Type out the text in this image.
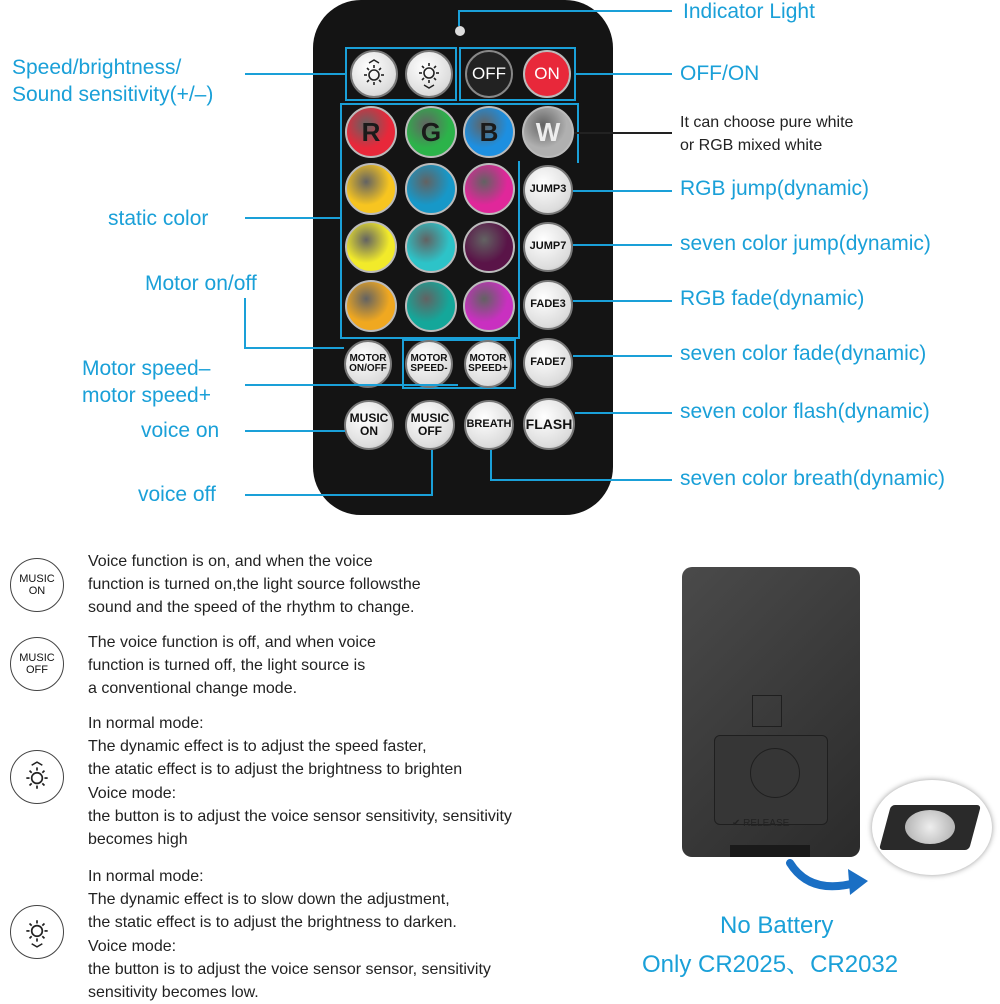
OFF ON
R G B W
JUMP3
JUMP7
FADE3
FADE7
MOTOR
ON/OFF
MOTOR
SPEED-
MOTOR
SPEED+
MUSIC
ON
MUSIC
OFF	BREATH FLASH
Indicator Light
OFF/ON
It can choose pure white
or RGB mixed white
RGB jump(dynamic)
seven color jump(dynamic)
RGB fade(dynamic)
seven color fade(dynamic)
seven color flash(dynamic)
seven color breath(dynamic)
Speed/brightness/
Sound sensitivity(+/–)
static color
Motor on/off
Motor speed–
motor speed+
voice on
voice off
MUSIC
ON
Voice function is on, and when the voice
function is turned on,the light source followsthe
sound and the speed of the rhythm to change.
MUSIC
OFF
The voice function is off, and when voice
function is turned off, the light source is
a conventional change mode.
In normal mode:
The dynamic effect is to adjust the speed faster,
the atatic effect is to adjust the brightness to brighten
Voice mode:
the button is to adjust the voice sensor sensitivity, sensitivity
becomes high
In normal mode:
The dynamic effect is to slow down the adjustment,
the static effect is to adjust the brightness to darken.
Voice mode:
the button is to adjust the voice sensor sensor, sensitivity
sensitivity becomes low.
✔ RELEASE
No Battery
Only CR2025、CR2032
